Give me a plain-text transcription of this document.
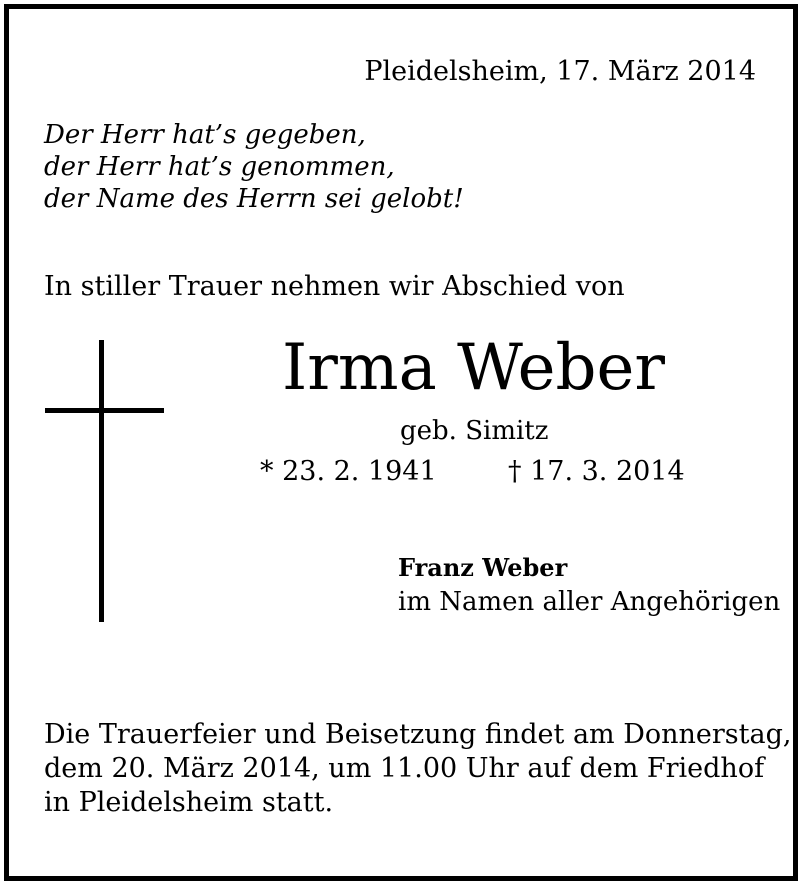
Pleidelsheim, 17. März 2014
Der Herr hat’s gegeben,
der Herr hat’s genommen,
der Name des Herrn sei gelobt!
In stiller Trauer nehmen wir Abschied von
Irma Weber
geb. Simitz
* 23. 2. 1941	† 17. 3. 2014
Franz Weber
im Namen aller Angehörigen
Die Trauerfeier und Beisetzung findet am Donnerstag,
dem 20. März 2014, um 11.00 Uhr auf dem Friedhof
in Pleidelsheim statt.
